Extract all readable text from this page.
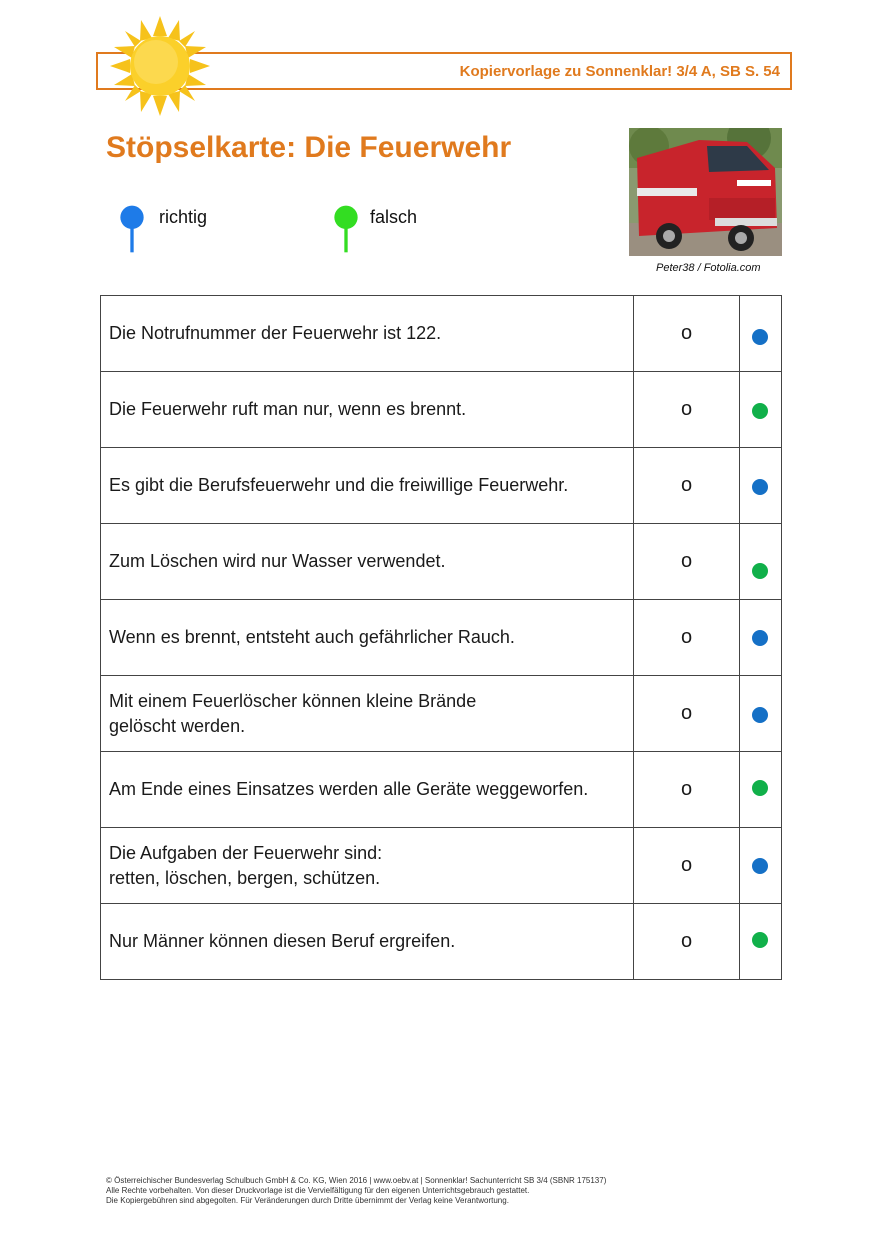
Kopiervorlage zu Sonnenklar! 3/4 A, SB S. 54
Stöpselkarte: Die Feuerwehr
richtig	falsch
Peter38 / Fotolia.com
Die Notrufnummer der Feuerwehr ist 122.	o	

Die Feuerwehr ruft man nur, wenn es brennt.	o	

Es gibt die Berufsfeuerwehr und die freiwillige Feuerwehr.	o	

Zum Löschen wird nur Wasser verwendet.	o	

Wenn es brennt, entsteht auch gefährlicher Rauch.	o	

Mit einem Feuerlöscher können kleine Brände
gelöscht werden.	o	

Am Ende eines Einsatzes werden alle Geräte weggeworfen.	o	

Die Aufgaben der Feuerwehr sind:
retten, löschen, bergen, schützen.	o	

Nur Männer können diesen Beruf ergreifen.	o	
© Österreichischer Bundesverlag Schulbuch GmbH & Co. KG, Wien 2016 | www.oebv.at | Sonnenklar! Sachunterricht SB 3/4 (SBNR 175137)
Alle Rechte vorbehalten. Von dieser Druckvorlage ist die Vervielfältigung für den eigenen Unterrichtsgebrauch gestattet.
Die Kopiergebühren sind abgegolten. Für Veränderungen durch Dritte übernimmt der Verlag keine Verantwortung.
